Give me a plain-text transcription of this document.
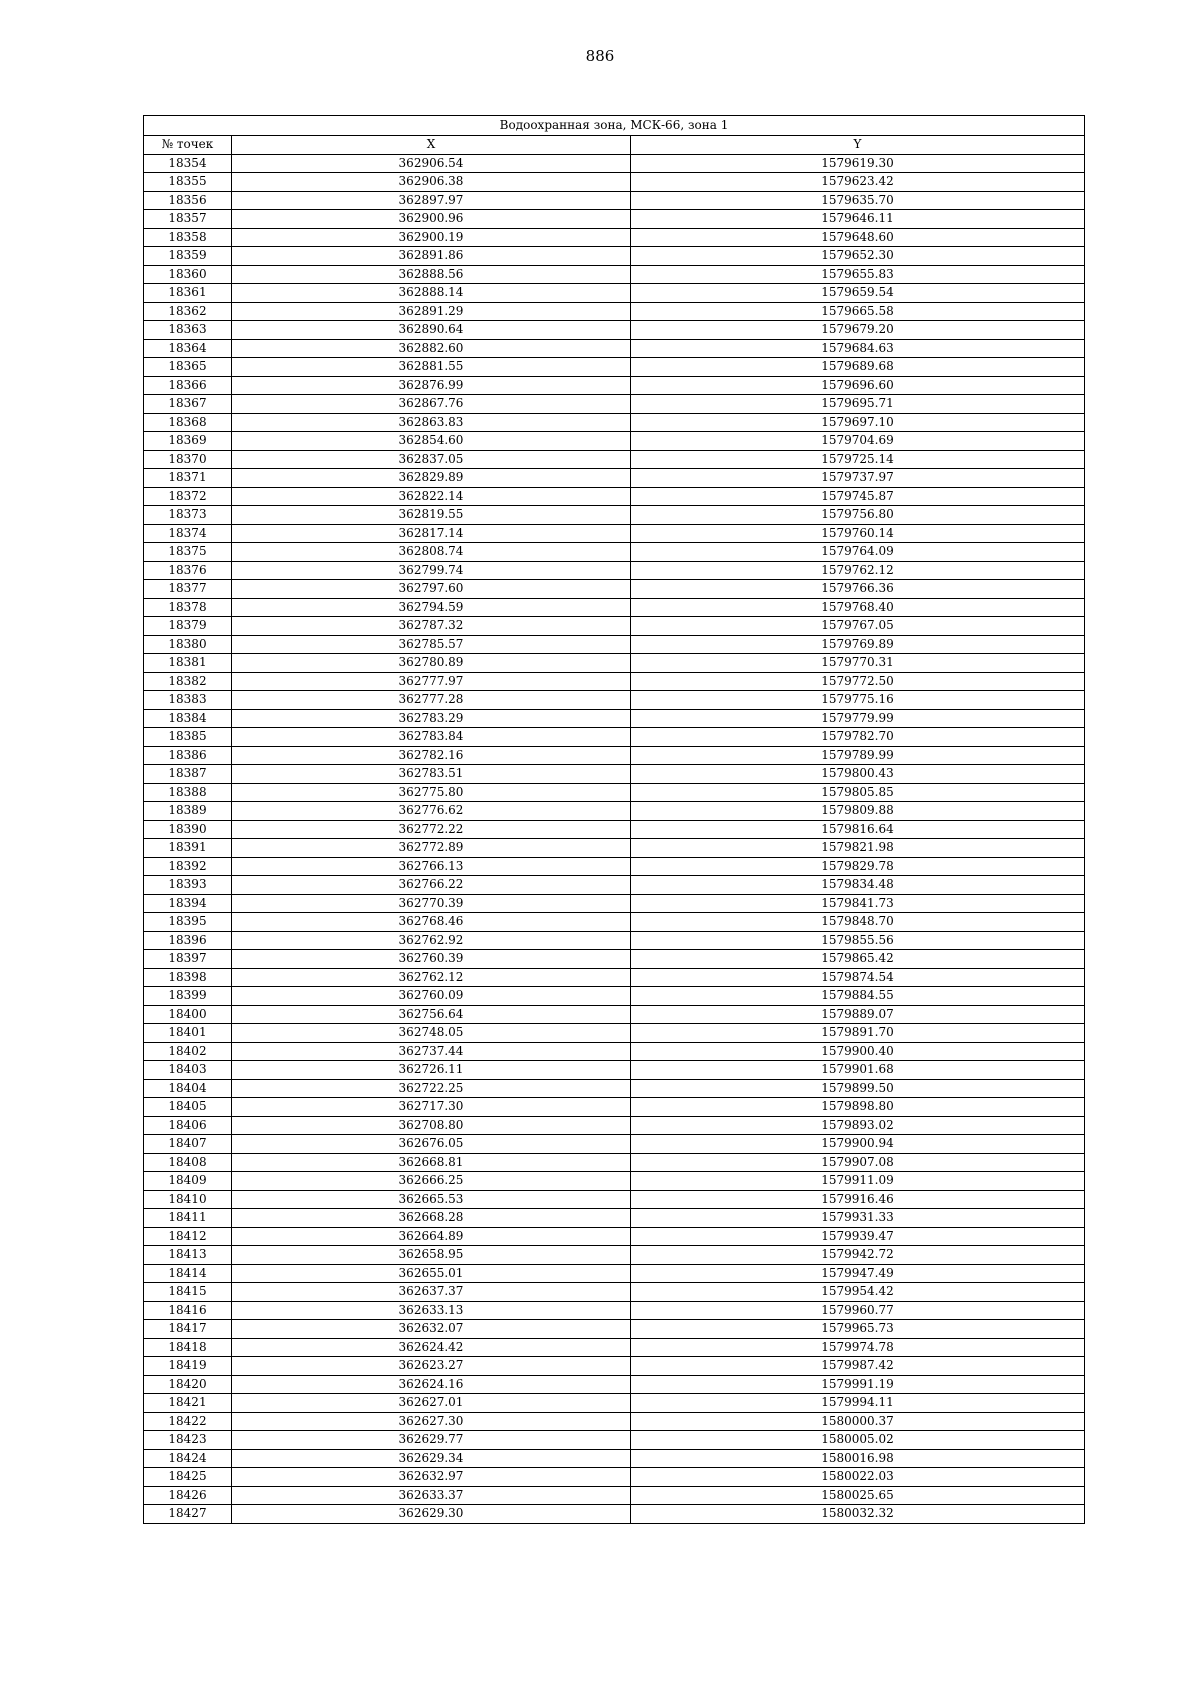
886
Водоохранная зона, МСК-66, зона 1		
№ точек	X	Y
18354	362906.54	1579619.30
18355	362906.38	1579623.42
18356	362897.97	1579635.70
18357	362900.96	1579646.11
18358	362900.19	1579648.60
18359	362891.86	1579652.30
18360	362888.56	1579655.83
18361	362888.14	1579659.54
18362	362891.29	1579665.58
18363	362890.64	1579679.20
18364	362882.60	1579684.63
18365	362881.55	1579689.68
18366	362876.99	1579696.60
18367	362867.76	1579695.71
18368	362863.83	1579697.10
18369	362854.60	1579704.69
18370	362837.05	1579725.14
18371	362829.89	1579737.97
18372	362822.14	1579745.87
18373	362819.55	1579756.80
18374	362817.14	1579760.14
18375	362808.74	1579764.09
18376	362799.74	1579762.12
18377	362797.60	1579766.36
18378	362794.59	1579768.40
18379	362787.32	1579767.05
18380	362785.57	1579769.89
18381	362780.89	1579770.31
18382	362777.97	1579772.50
18383	362777.28	1579775.16
18384	362783.29	1579779.99
18385	362783.84	1579782.70
18386	362782.16	1579789.99
18387	362783.51	1579800.43
18388	362775.80	1579805.85
18389	362776.62	1579809.88
18390	362772.22	1579816.64
18391	362772.89	1579821.98
18392	362766.13	1579829.78
18393	362766.22	1579834.48
18394	362770.39	1579841.73
18395	362768.46	1579848.70
18396	362762.92	1579855.56
18397	362760.39	1579865.42
18398	362762.12	1579874.54
18399	362760.09	1579884.55
18400	362756.64	1579889.07
18401	362748.05	1579891.70
18402	362737.44	1579900.40
18403	362726.11	1579901.68
18404	362722.25	1579899.50
18405	362717.30	1579898.80
18406	362708.80	1579893.02
18407	362676.05	1579900.94
18408	362668.81	1579907.08
18409	362666.25	1579911.09
18410	362665.53	1579916.46
18411	362668.28	1579931.33
18412	362664.89	1579939.47
18413	362658.95	1579942.72
18414	362655.01	1579947.49
18415	362637.37	1579954.42
18416	362633.13	1579960.77
18417	362632.07	1579965.73
18418	362624.42	1579974.78
18419	362623.27	1579987.42
18420	362624.16	1579991.19
18421	362627.01	1579994.11
18422	362627.30	1580000.37
18423	362629.77	1580005.02
18424	362629.34	1580016.98
18425	362632.97	1580022.03
18426	362633.37	1580025.65
18427	362629.30	1580032.32
